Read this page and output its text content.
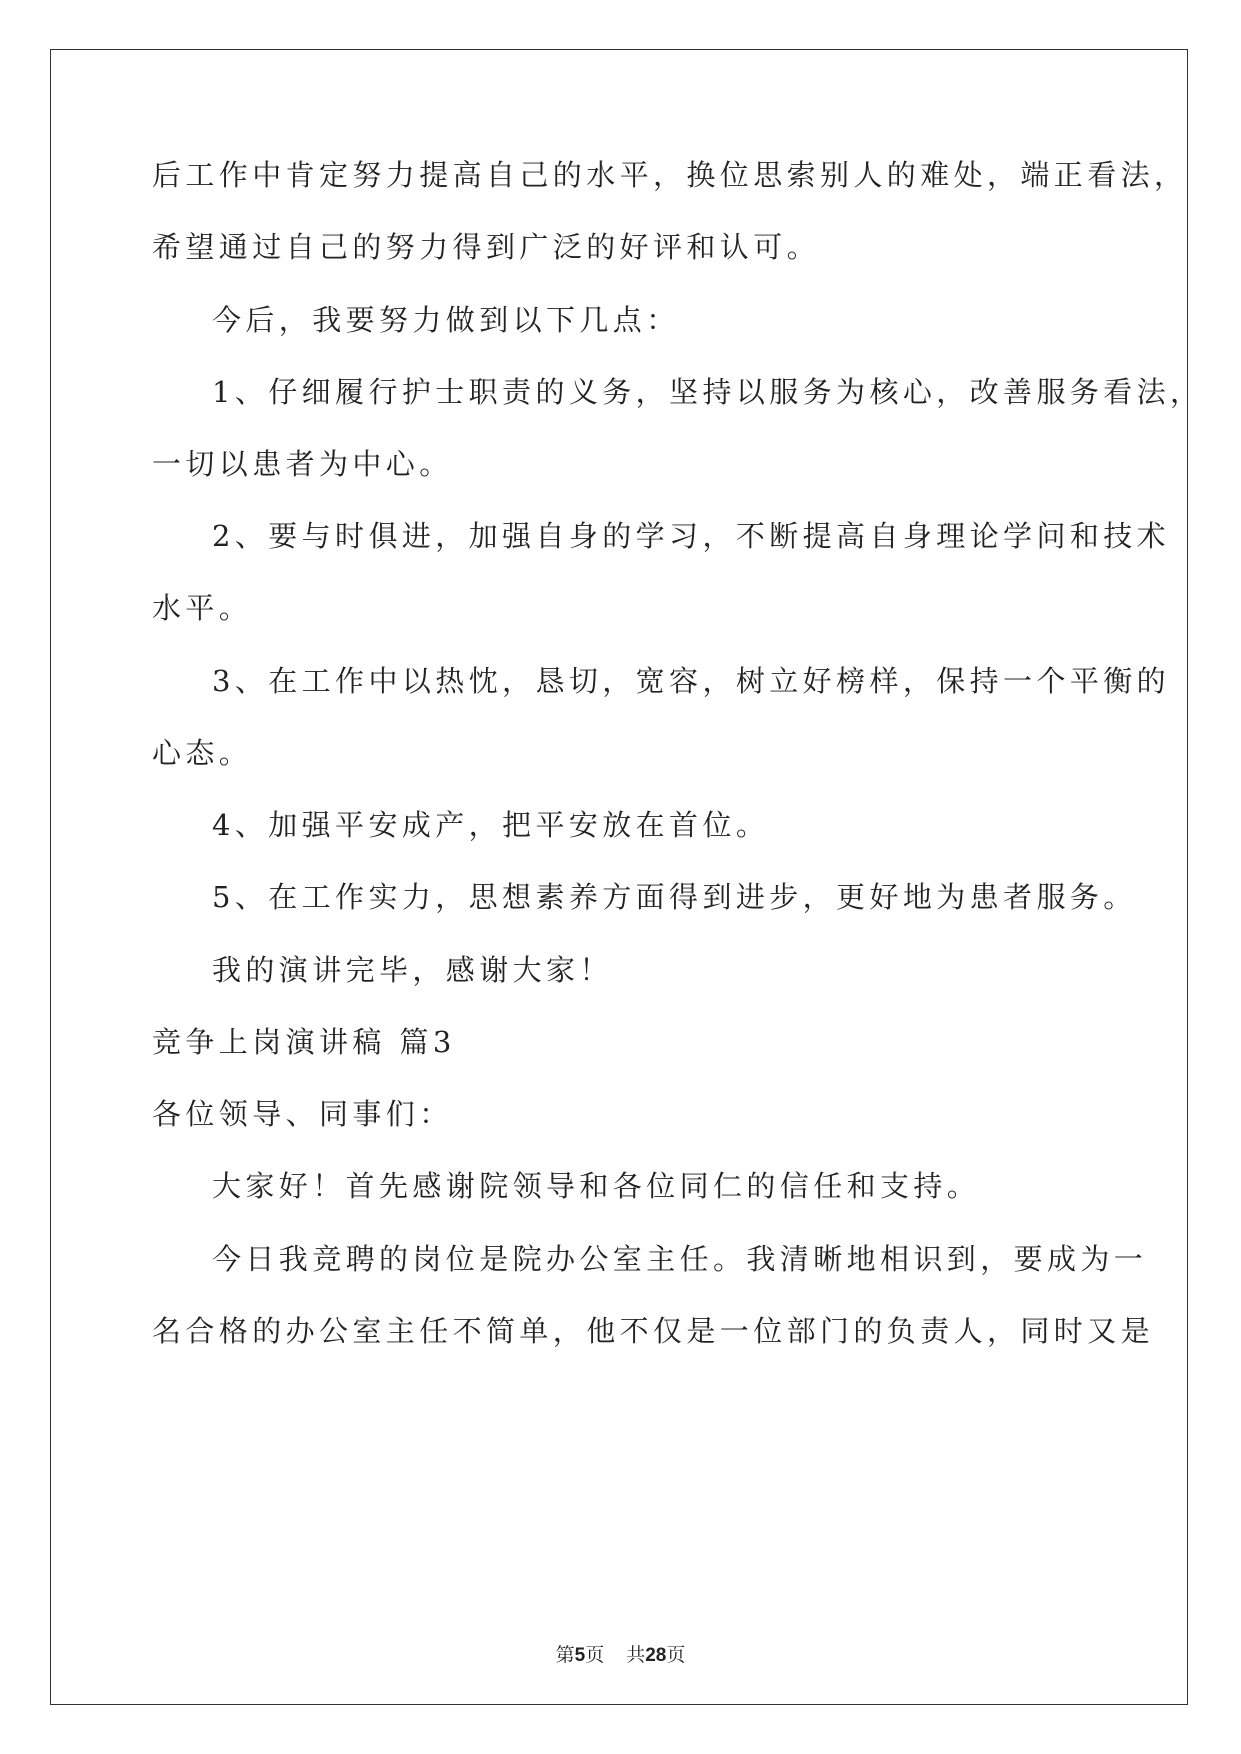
后工作中肯定努力提高自己的水平，换位思索别人的难处，端正看法，
希望通过自己的努力得到广泛的好评和认可。
今后，我要努力做到以下几点：
1、仔细履行护士职责的义务，坚持以服务为核心，改善服务看法，
一切以患者为中心。
2、要与时俱进，加强自身的学习，不断提高自身理论学问和技术
水平。
3、在工作中以热忱，恳切，宽容，树立好榜样，保持一个平衡的
心态。
4、加强平安成产，把平安放在首位。
5、在工作实力，思想素养方面得到进步，更好地为患者服务。
我的演讲完毕，感谢大家！
竞争上岗演讲稿 篇3
各位领导、同事们：
大家好！首先感谢院领导和各位同仁的信任和支持。
今日我竞聘的岗位是院办公室主任。我清晰地相识到，要成为一
名合格的办公室主任不简单，他不仅是一位部门的负责人，同时又是
第5页 共28页
